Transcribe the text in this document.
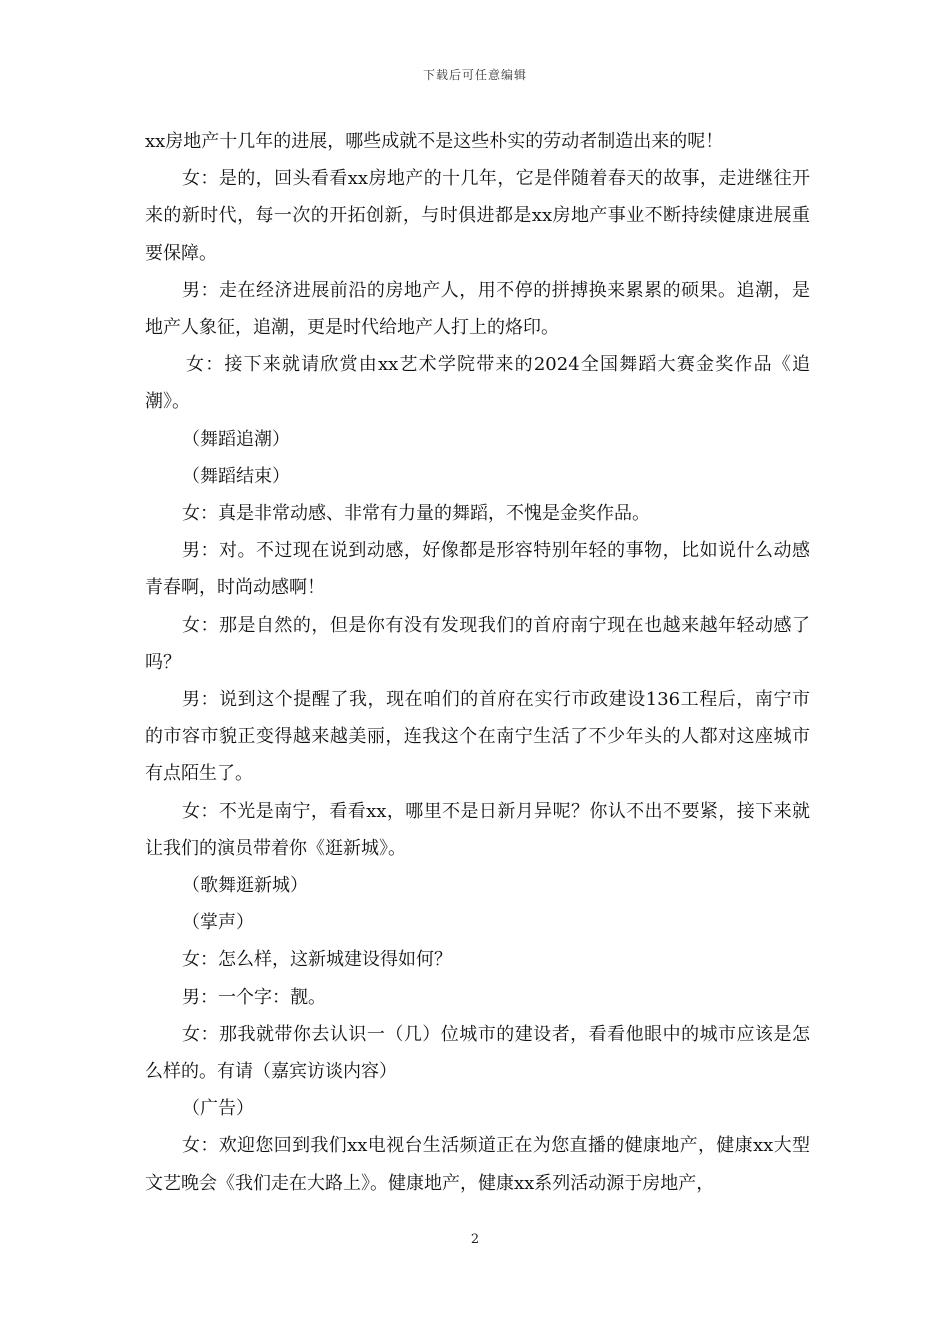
下载后可任意编辑

xx房地产十几年的进展，哪些成就不是这些朴实的劳动者制造出来的呢！

女：是的，回头看看xx房地产的十几年，它是伴随着春天的故事，走进继往开来的新时代，每一次的开拓创新，与时俱进都是xx房地产事业不断持续健康进展重要保障。

男：走在经济进展前沿的房地产人，用不停的拼搏换来累累的硕果。追潮，是地产人象征，追潮，更是时代给地产人打上的烙印。

女：接下来就请欣赏由xx艺术学院带来的2024全国舞蹈大赛金奖作品《追潮》。

（舞蹈追潮）

（舞蹈结束）

女：真是非常动感、非常有力量的舞蹈，不愧是金奖作品。

男：对。不过现在说到动感，好像都是形容特别年轻的事物，比如说什么动感青春啊，时尚动感啊！

女：那是自然的，但是你有没有发现我们的首府南宁现在也越来越年轻动感了吗？

男：说到这个提醒了我，现在咱们的首府在实行市政建设136工程后，南宁市的市容市貌正变得越来越美丽，连我这个在南宁生活了不少年头的人都对这座城市有点陌生了。

女：不光是南宁，看看xx，哪里不是日新月异呢？你认不出不要紧，接下来就让我们的演员带着你《逛新城》。

（歌舞逛新城）

（掌声）

女：怎么样，这新城建设得如何？

男：一个字：靓。

女：那我就带你去认识一（几）位城市的建设者，看看他眼中的城市应该是怎么样的。有请（嘉宾访谈内容）

（广告）

女：欢迎您回到我们xx电视台生活频道正在为您直播的健康地产，健康xx大型文艺晚会《我们走在大路上》。健康地产，健康xx系列活动源于房地产，

2
